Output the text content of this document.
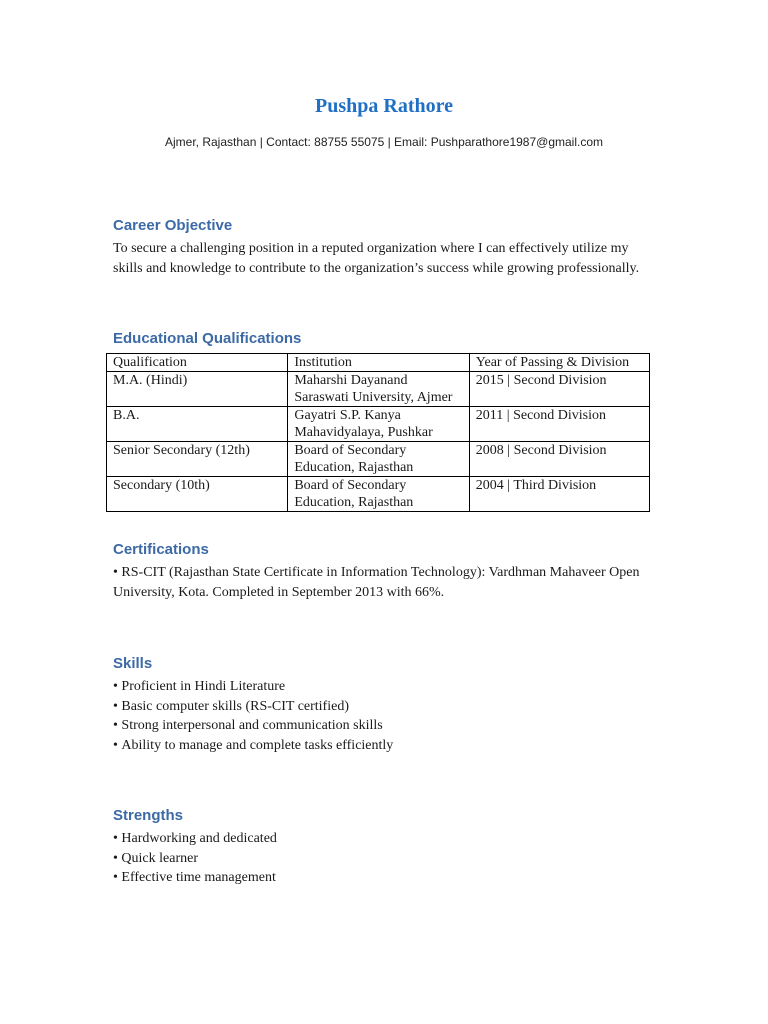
Pushpa Rathore
Ajmer, Rajasthan | Contact: 88755 55075 | Email: Pushparathore1987@gmail.com
Career Objective
To secure a challenging position in a reputed organization where I can effectively utilize my skills and knowledge to contribute to the organization’s success while growing professionally.
Educational Qualifications
Qualification	Institution	Year of Passing & Division
M.A. (Hindi)	Maharshi Dayanand Saraswati University, Ajmer	2015 | Second Division
B.A.	Gayatri S.P. Kanya Mahavidyalaya, Pushkar	2011 | Second Division
Senior Secondary (12th)	Board of Secondary Education, Rajasthan	2008 | Second Division
Secondary (10th)	Board of Secondary Education, Rajasthan	2004 | Third Division
Certifications
• RS-CIT (Rajasthan State Certificate in Information Technology): Vardhman Mahaveer Open University, Kota. Completed in September 2013 with 66%.
Skills
• Proficient in Hindi Literature
• Basic computer skills (RS-CIT certified)
• Strong interpersonal and communication skills
• Ability to manage and complete tasks efficiently
Strengths
• Hardworking and dedicated
• Quick learner
• Effective time management
